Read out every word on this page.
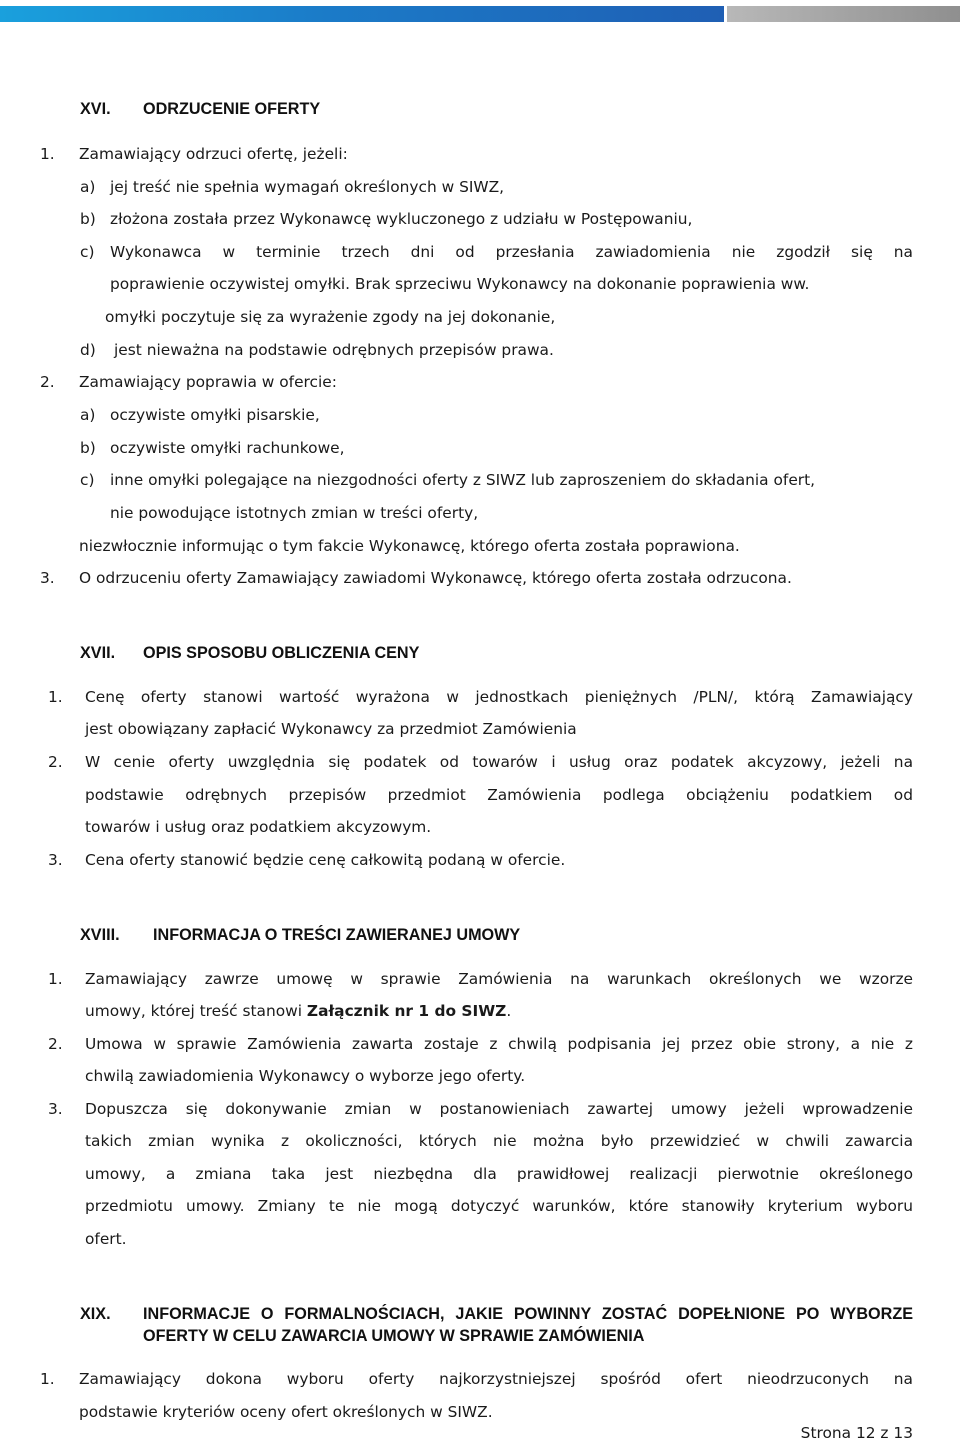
XVI. ODRZUCENIE OFERTY
1. Zamawiający odrzuci ofertę, jeżeli:
a) jej treść nie spełnia wymagań określonych w SIWZ,
b) złożona została przez Wykonawcę wykluczonego z udziału w Postępowaniu,
c) Wykonawca w terminie trzech dni od przesłania zawiadomienia nie zgodził się na
poprawienie oczywistej omyłki. Brak sprzeciwu Wykonawcy na dokonanie poprawienia ww.
omyłki poczytuje się za wyrażenie zgody na jej dokonanie,
d) jest nieważna na podstawie odrębnych przepisów prawa.
2. Zamawiający poprawia w ofercie:
a) oczywiste omyłki pisarskie,
b) oczywiste omyłki rachunkowe,
c) inne omyłki polegające na niezgodności oferty z SIWZ lub zaproszeniem do składania ofert,
nie powodujące istotnych zmian w treści oferty,
niezwłocznie informując o tym fakcie Wykonawcę, którego oferta została poprawiona.
3. O odrzuceniu oferty Zamawiający zawiadomi Wykonawcę, którego oferta została odrzucona.
XVII. OPIS SPOSOBU OBLICZENIA CENY
1. Cenę oferty stanowi wartość wyrażona w jednostkach pieniężnych /PLN/, którą Zamawiający
jest obowiązany zapłacić Wykonawcy za przedmiot Zamówienia
2. W cenie oferty uwzględnia się podatek od towarów i usług oraz podatek akcyzowy, jeżeli na
podstawie odrębnych przepisów przedmiot Zamówienia podlega obciążeniu podatkiem od
towarów i usług oraz podatkiem akcyzowym.
3. Cena oferty stanowić będzie cenę całkowitą podaną w ofercie.
XVIII. INFORMACJA O TREŚCI ZAWIERANEJ UMOWY
1. Zamawiający zawrze umowę w sprawie Zamówienia na warunkach określonych we wzorze
umowy, której treść stanowi Załącznik nr 1 do SIWZ.
2. Umowa w sprawie Zamówienia zawarta zostaje z chwilą podpisania jej przez obie strony, a nie z
chwilą zawiadomienia Wykonawcy o wyborze jego oferty.
3. Dopuszcza się dokonywanie zmian w postanowieniach zawartej umowy jeżeli wprowadzenie
takich zmian wynika z okoliczności, których nie można było przewidzieć w chwili zawarcia
umowy, a zmiana taka jest niezbędna dla prawidłowej realizacji pierwotnie określonego
przedmiotu umowy. Zmiany te nie mogą dotyczyć warunków, które stanowiły kryterium wyboru
ofert.
XIX. INFORMACJE O FORMALNOŚCIACH, JAKIE POWINNY ZOSTAĆ DOPEŁNIONE PO WYBORZE
OFERTY W CELU ZAWARCIA UMOWY W SPRAWIE ZAMÓWIENIA
1. Zamawiający dokona wyboru oferty najkorzystniejszej spośród ofert nieodrzuconych na
podstawie kryteriów oceny ofert określonych w SIWZ.
Strona 12 z 13
